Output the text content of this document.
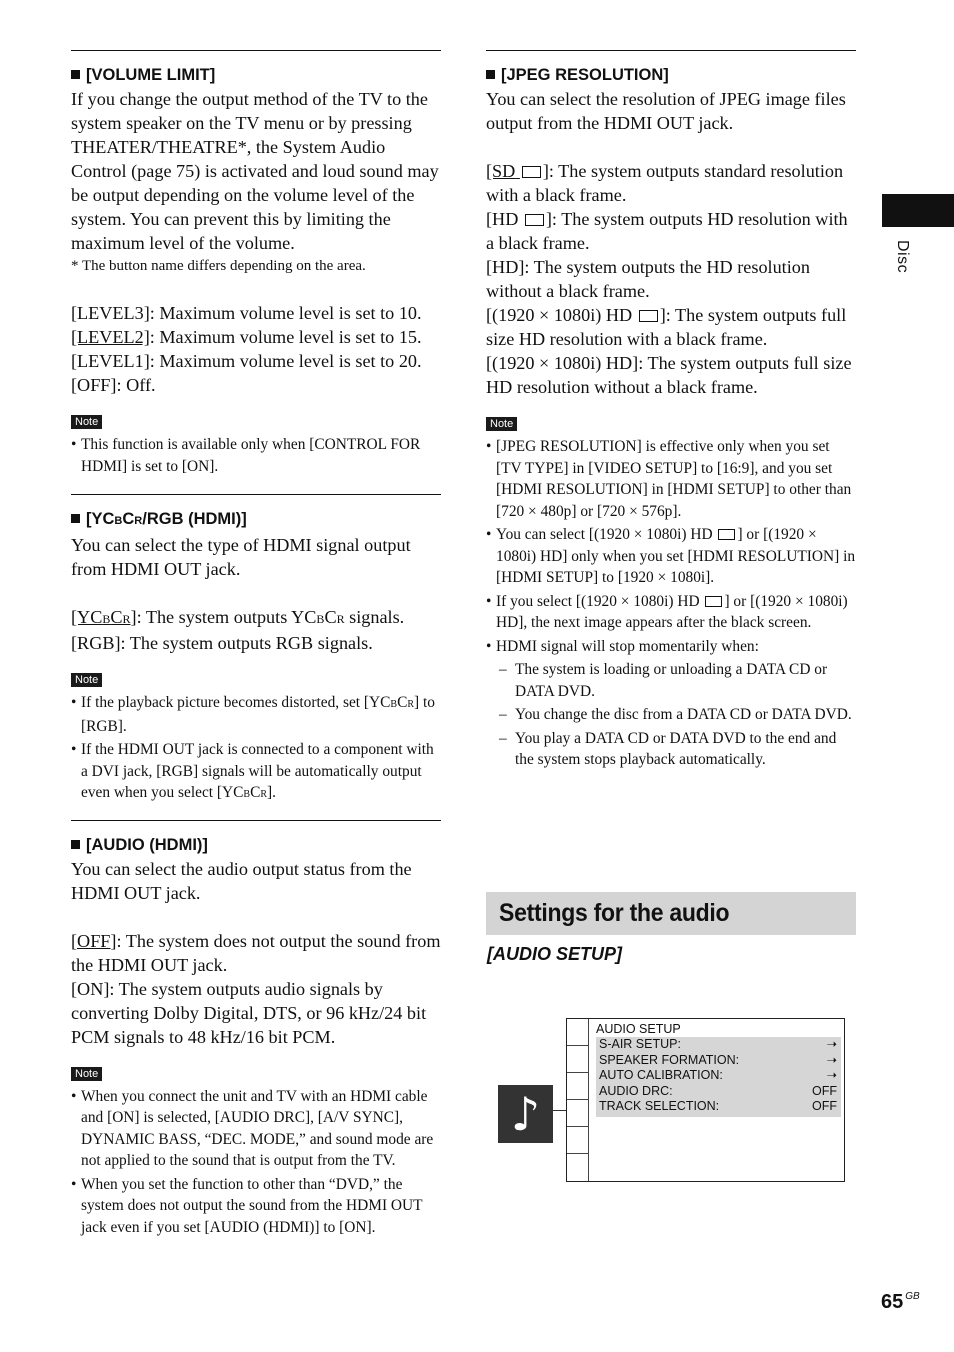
[VOLUME LIMIT]

If you change the output method of the TV to the system speaker on the TV menu or by pressing THEATER/THEATRE*, the System Audio Control (page 75) is activated and loud sound may be output depending on the volume level of the system. You can prevent this by limiting the maximum level of the volume.

* The button name differs depending on the area.

[LEVEL3]: Maximum volume level is set to 10.

[LEVEL2]: Maximum volume level is set to 15.

[LEVEL1]: Maximum volume level is set to 20.

[OFF]: Off.

Note

• This function is available only when [CONTROL FOR HDMI] is set to [ON].

[YCBCR/RGB (HDMI)]

You can select the type of HDMI signal output from HDMI OUT jack.

[YCBCR]: The system outputs YCBCR signals.

[RGB]: The system outputs RGB signals.

Note

• If the playback picture becomes distorted, set [YCBCR] to [RGB].

• If the HDMI OUT jack is connected to a component with a DVI jack, [RGB] signals will be automatically output even when you select [YCBCR].

[AUDIO (HDMI)]

You can select the audio output status from the HDMI OUT jack.

[OFF]: The system does not output the sound from the HDMI OUT jack.

[ON]: The system outputs audio signals by converting Dolby Digital, DTS, or 96 kHz/24 bit PCM signals to 48 kHz/16 bit PCM.

Note

• When you connect the unit and TV with an HDMI cable and [ON] is selected, [AUDIO DRC], [A/V SYNC], DYNAMIC BASS, “DEC. MODE,” and sound mode are not applied to the sound that is output from the TV.

• When you set the function to other than “DVD,” the system does not output the sound from the HDMI OUT jack even if you set [AUDIO (HDMI)] to [ON].

[JPEG RESOLUTION]

You can select the resolution of JPEG image files output from the HDMI OUT jack.

[SD ]: The system outputs standard resolution with a black frame.

[HD ]: The system outputs HD resolution with a black frame.

[HD]: The system outputs the HD resolution without a black frame.

[(1920 × 1080i) HD ]: The system outputs full size HD resolution with a black frame.

[(1920 × 1080i) HD]: The system outputs full size HD resolution without a black frame.

Note

• [JPEG RESOLUTION] is effective only when you set [TV TYPE] in [VIDEO SETUP] to [16:9], and you set [HDMI RESOLUTION] in [HDMI SETUP] to other than [720 × 480p] or [720 × 576p].

• You can select [(1920 × 1080i) HD ] or [(1920 × 1080i) HD] only when you set [HDMI RESOLUTION] in [HDMI SETUP] to [1920 × 1080i].

• If you select [(1920 × 1080i) HD ] or [(1920 × 1080i) HD], the next image appears after the black screen.

• HDMI signal will stop momentarily when:

– The system is loading or unloading a DATA CD or DATA DVD.

– You change the disc from a DATA CD or DATA DVD.

– You play a DATA CD or DATA DVD to the end and the system stops playback automatically.

Settings for the audio

[AUDIO SETUP]

♪
AUDIO SETUP
S-AIR SETUP:	➝
SPEAKER FORMATION:	➝
AUTO CALIBRATION:	➝
AUDIO DRC:	OFF
TRACK SELECTION:	OFF
Disc
65 $^{GB}$
